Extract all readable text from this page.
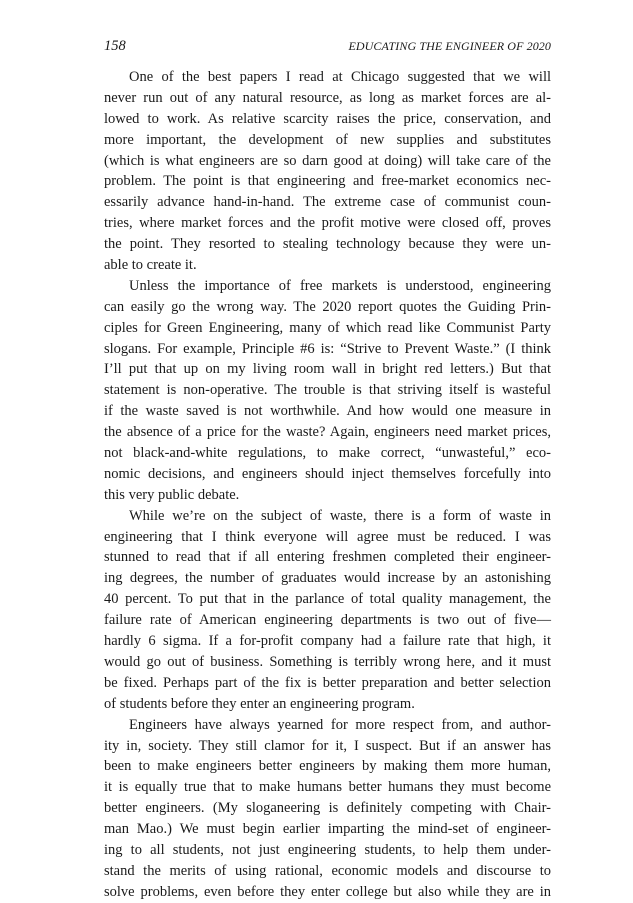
158	EDUCATING THE ENGINEER OF 2020
One of the best papers I read at Chicago suggested that we will
never run out of any natural resource, as long as market forces are al-
lowed to work. As relative scarcity raises the price, conservation, and
more important, the development of new supplies and substitutes
(which is what engineers are so darn good at doing) will take care of the
problem. The point is that engineering and free-market economics nec-
essarily advance hand-in-hand. The extreme case of communist coun-
tries, where market forces and the profit motive were closed off, proves
the point. They resorted to stealing technology because they were un-
able to create it.
Unless the importance of free markets is understood, engineering
can easily go the wrong way. The 2020 report quotes the Guiding Prin-
ciples for Green Engineering, many of which read like Communist Party
slogans. For example, Principle #6 is: “Strive to Prevent Waste.” (I think
I’ll put that up on my living room wall in bright red letters.) But that
statement is non-operative. The trouble is that striving itself is wasteful
if the waste saved is not worthwhile. And how would one measure in
the absence of a price for the waste? Again, engineers need market prices,
not black-and-white regulations, to make correct, “unwasteful,” eco-
nomic decisions, and engineers should inject themselves forcefully into
this very public debate.
While we’re on the subject of waste, there is a form of waste in
engineering that I think everyone will agree must be reduced. I was
stunned to read that if all entering freshmen completed their engineer-
ing degrees, the number of graduates would increase by an astonishing
40 percent. To put that in the parlance of total quality management, the
failure rate of American engineering departments is two out of five—
hardly 6 sigma. If a for-profit company had a failure rate that high, it
would go out of business. Something is terribly wrong here, and it must
be fixed. Perhaps part of the fix is better preparation and better selection
of students before they enter an engineering program.
Engineers have always yearned for more respect from, and author-
ity in, society. They still clamor for it, I suspect. But if an answer has
been to make engineers better engineers by making them more human,
it is equally true that to make humans better humans they must become
better engineers. (My sloganeering is definitely competing with Chair-
man Mao.) We must begin earlier imparting the mind-set of engineer-
ing to all students, not just engineering students, to help them under-
stand the merits of using rational, economic models and discourse to
solve problems, even before they enter college but also while they are in
